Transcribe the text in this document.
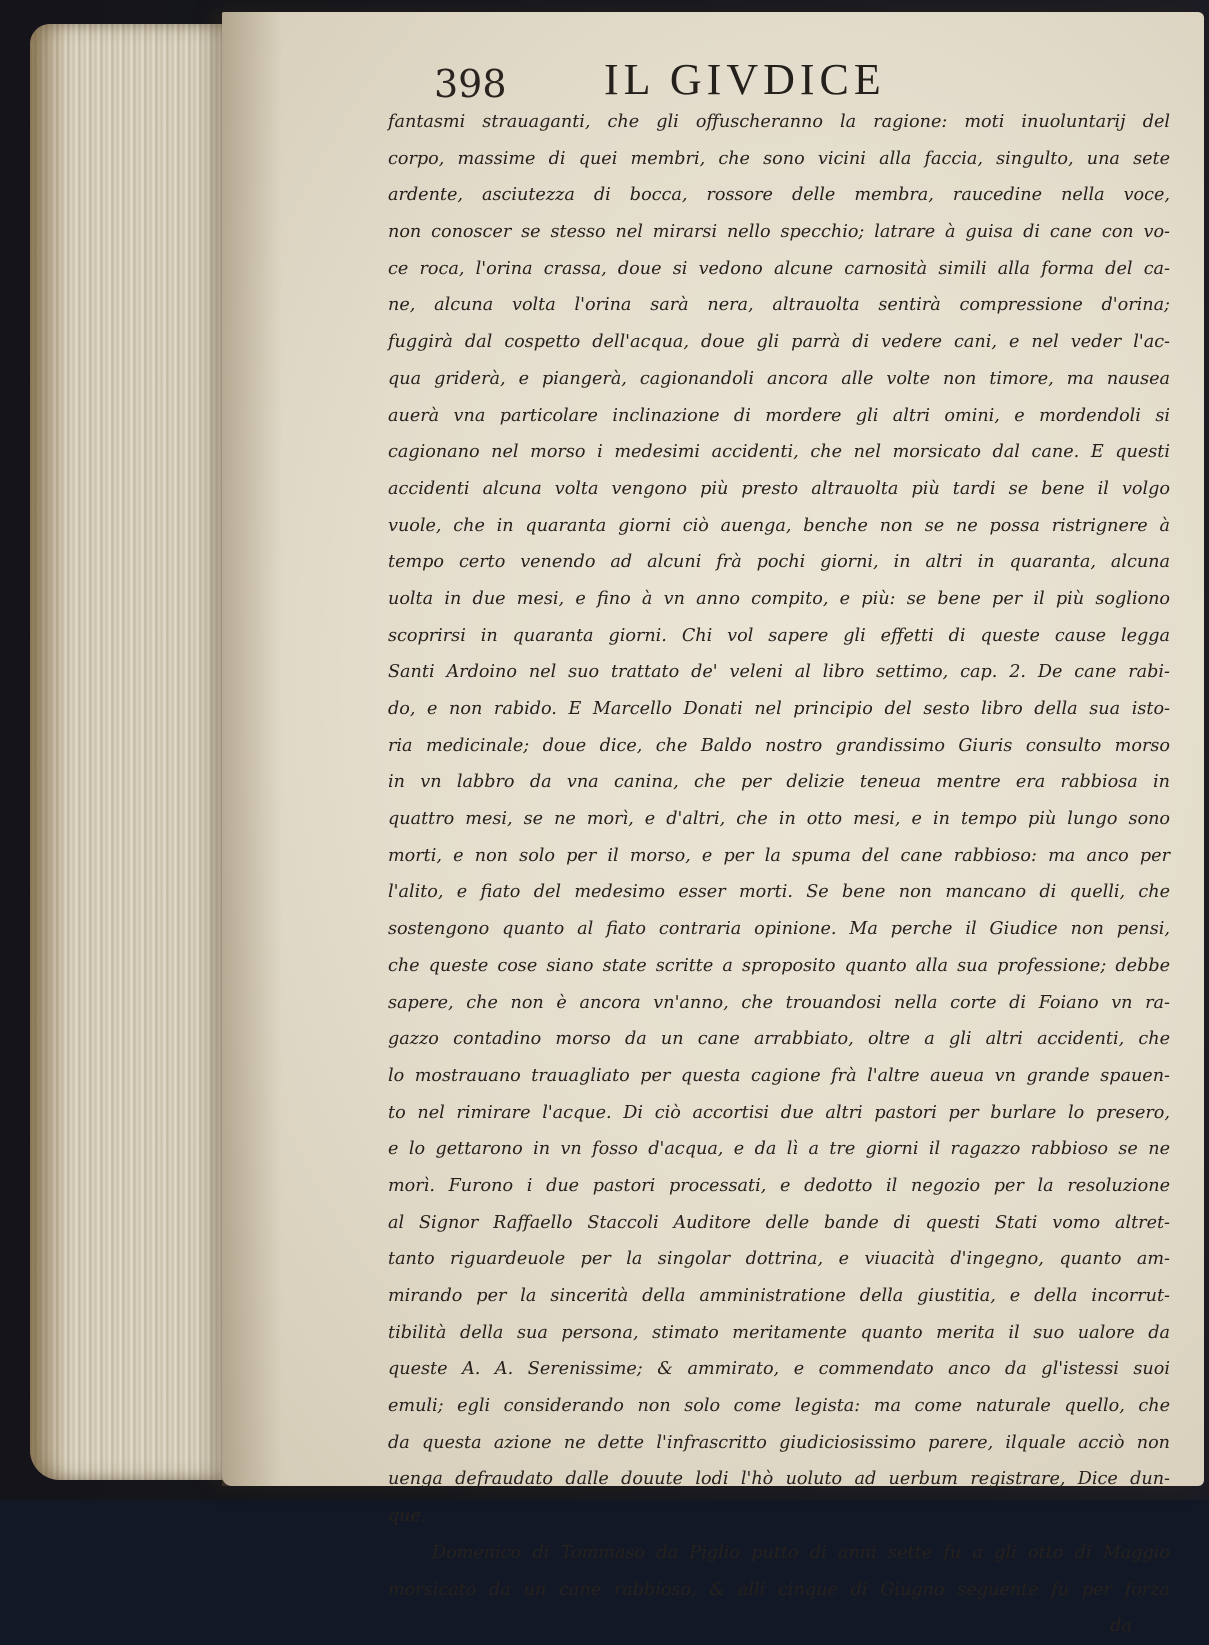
398 IL GIVDICE
fantasmi strauaganti, che gli offuscheranno la ragione: moti inuoluntarij del
corpo, massime di quei membri, che sono vicini alla faccia, singulto, una sete
ardente, asciutezza di bocca, rossore delle membra, raucedine nella voce,
non conoscer se stesso nel mirarsi nello specchio; latrare à guisa di cane con vo-
ce roca, l'orina crassa, doue si vedono alcune carnosità simili alla forma del ca-
ne, alcuna volta l'orina sarà nera, altrauolta sentirà compressione d'orina;
fuggirà dal cospetto dell'acqua, doue gli parrà di vedere cani, e nel veder l'ac-
qua griderà, e piangerà, cagionandoli ancora alle volte non timore, ma nausea
auerà vna particolare inclinazione di mordere gli altri omini, e mordendoli si
cagionano nel morso i medesimi accidenti, che nel morsicato dal cane. E questi
accidenti alcuna volta vengono più presto altrauolta più tardi se bene il volgo
vuole, che in quaranta giorni ciò auenga, benche non se ne possa ristrignere à
tempo certo venendo ad alcuni frà pochi giorni, in altri in quaranta, alcuna
uolta in due mesi, e fino à vn anno compito, e più: se bene per il più sogliono
scoprirsi in quaranta giorni. Chi vol sapere gli effetti di queste cause legga
Santi Ardoino nel suo trattato de' veleni al libro settimo, cap. 2. De cane rabi-
do, e non rabido. E Marcello Donati nel principio del sesto libro della sua isto-
ria medicinale; doue dice, che Baldo nostro grandissimo Giuris consulto morso
in vn labbro da vna canina, che per delizie teneua mentre era rabbiosa in
quattro mesi, se ne morì, e d'altri, che in otto mesi, e in tempo più lungo sono
morti, e non solo per il morso, e per la spuma del cane rabbioso: ma anco per
l'alito, e fiato del medesimo esser morti. Se bene non mancano di quelli, che
sostengono quanto al fiato contraria opinione. Ma perche il Giudice non pensi,
che queste cose siano state scritte a sproposito quanto alla sua professione; debbe
sapere, che non è ancora vn'anno, che trouandosi nella corte di Foiano vn ra-
gazzo contadino morso da un cane arrabbiato, oltre a gli altri accidenti, che
lo mostrauano trauagliato per questa cagione frà l'altre aueua vn grande spauen-
to nel rimirare l'acque. Di ciò accortisi due altri pastori per burlare lo presero,
e lo gettarono in vn fosso d'acqua, e da lì a tre giorni il ragazzo rabbioso se ne
morì. Furono i due pastori processati, e dedotto il negozio per la resoluzione
al Signor Raffaello Staccoli Auditore delle bande di questi Stati vomo altret-
tanto riguardeuole per la singolar dottrina, e viuacità d'ingegno, quanto am-
mirando per la sincerità della amministratione della giustitia, e della incorrut-
tibilità della sua persona, stimato meritamente quanto merita il suo ualore da
queste A. A. Serenissime; & ammirato, e commendato anco da gl'istessi suoi
emuli; egli considerando non solo come legista: ma come naturale quello, che
da questa azione ne dette l'infrascritto giudiciosissimo parere, ilquale acciò non
uenga defraudato dalle douute lodi l'hò uoluto ad uerbum registrare, Dice dun-
que.
Domenico di Tommaso da Piglio putto di anni sette fu a gli otto di Maggio
morsicato da un cane rabbioso, & alli cinque di Giugno seguente fu per forza
da
